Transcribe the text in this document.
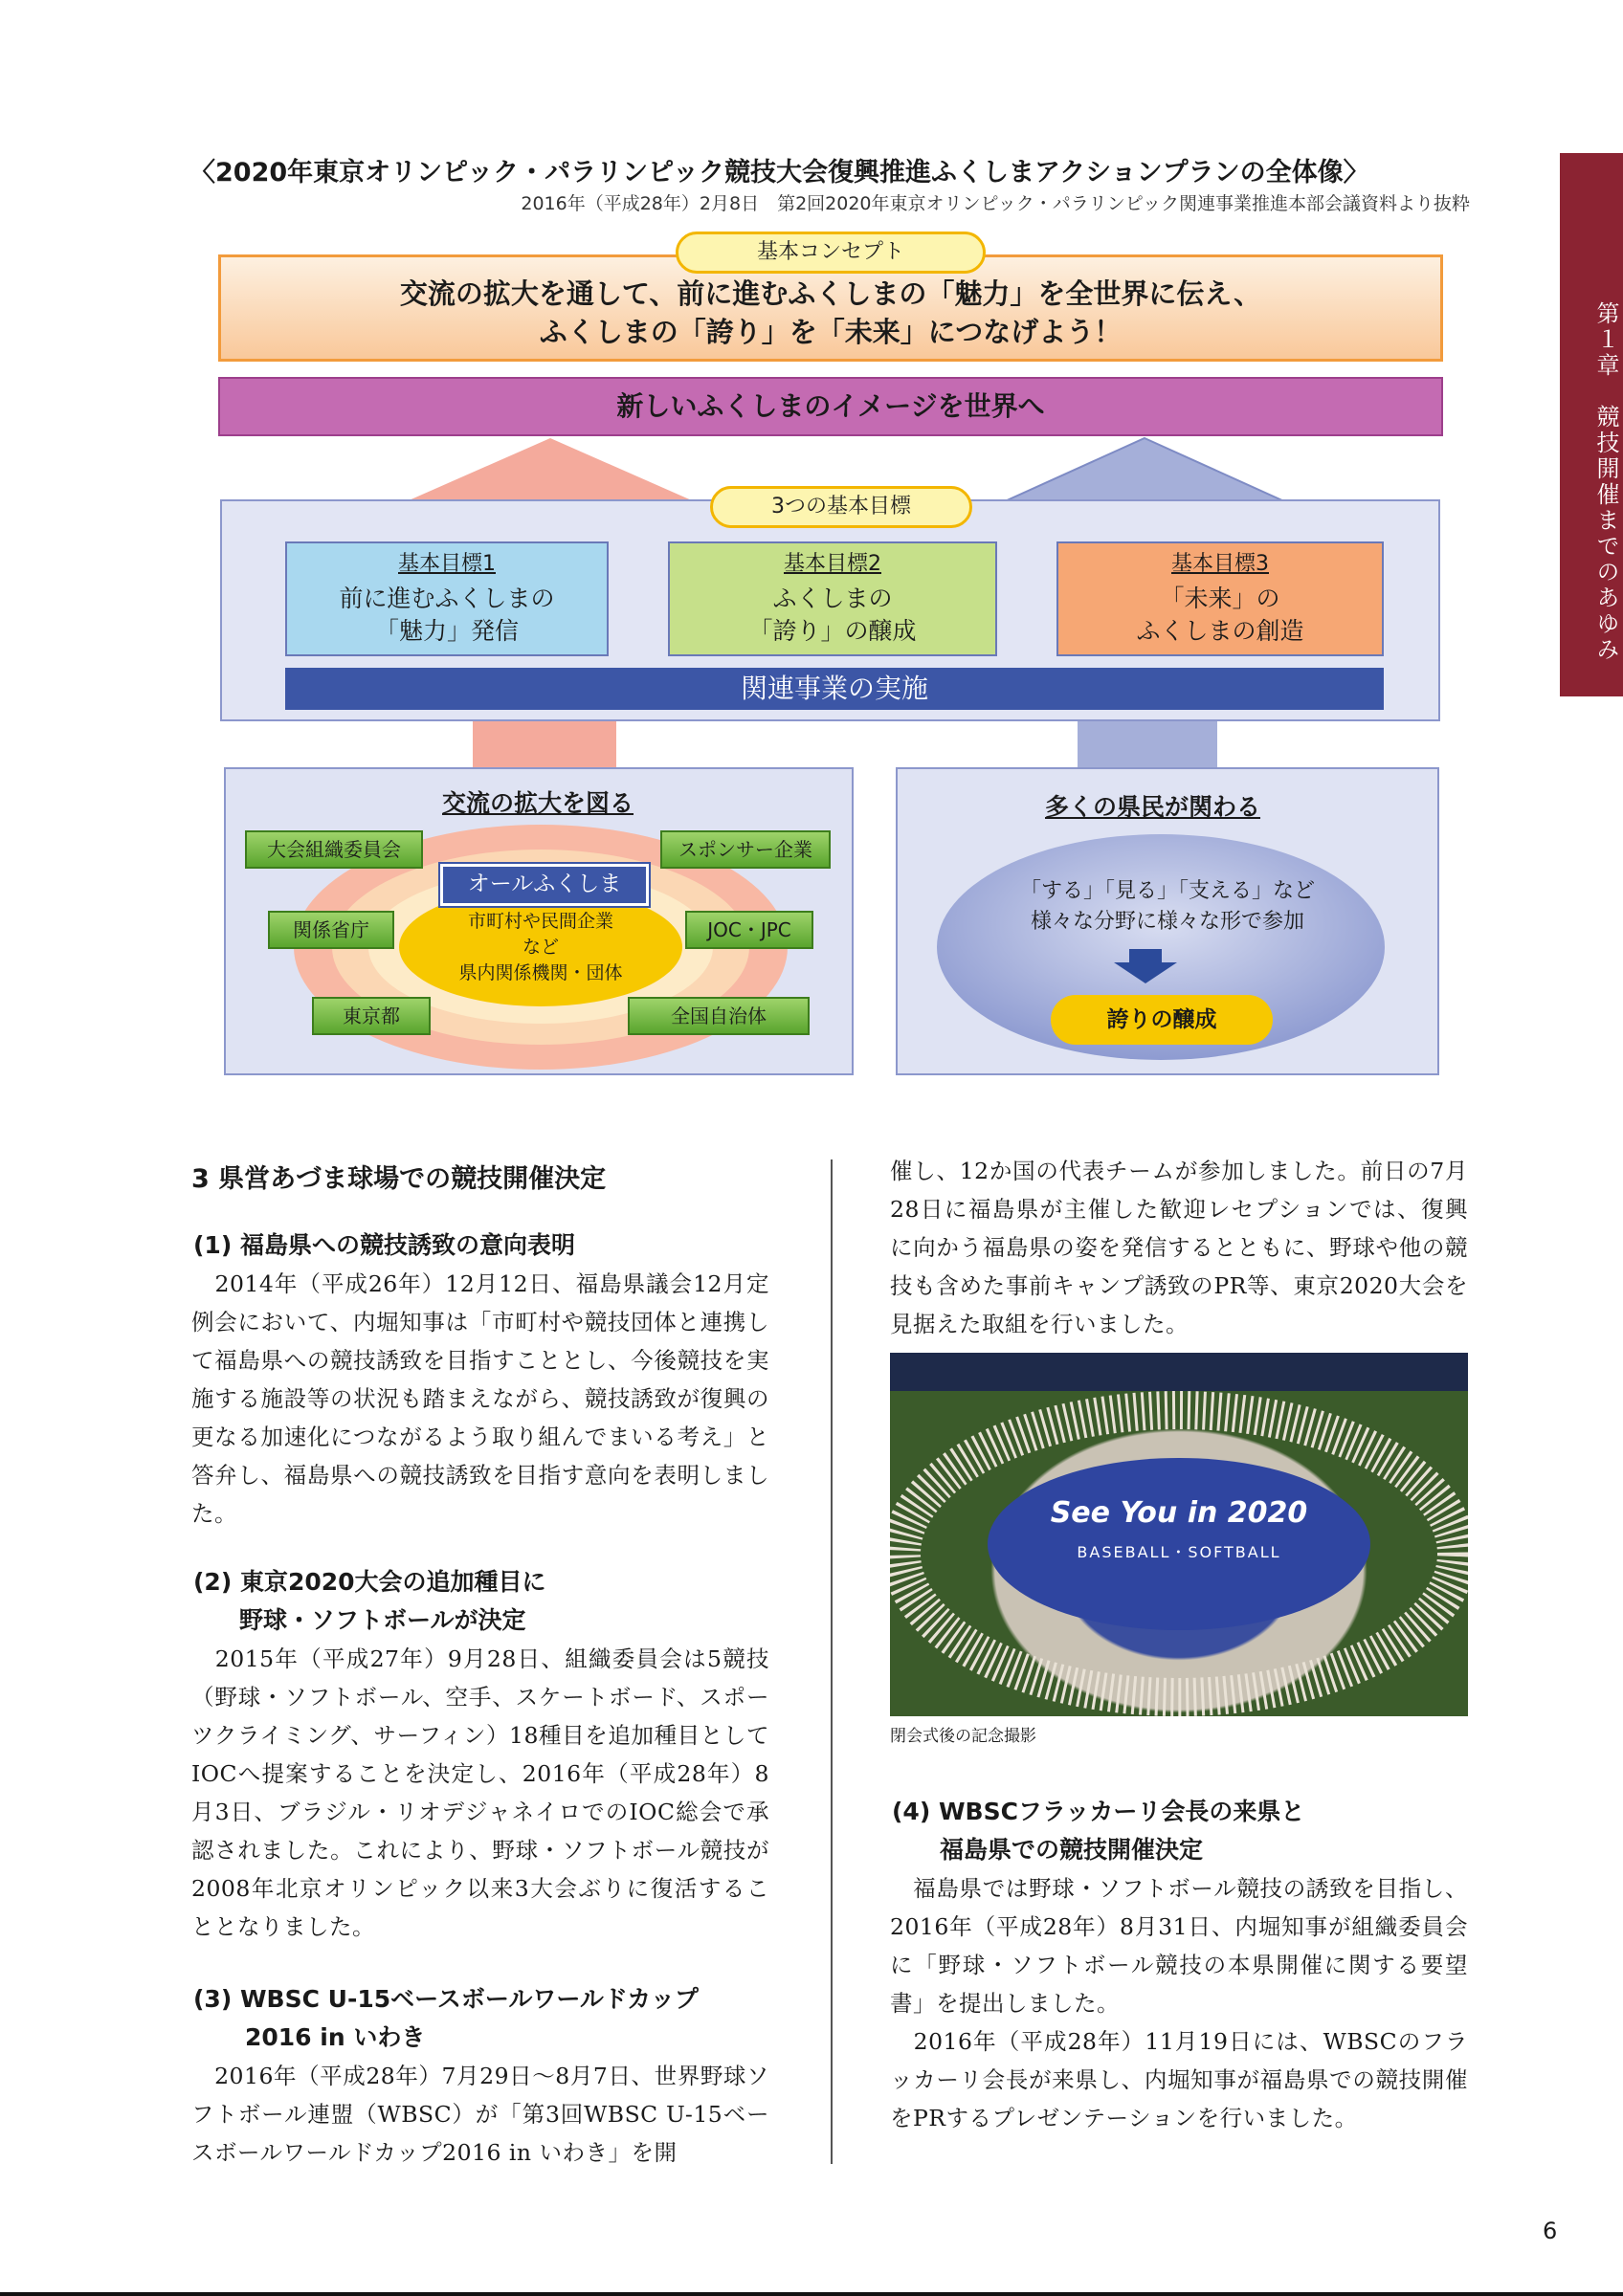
〈2020年東京オリンピック・パラリンピック競技大会復興推進ふくしまアクションプランの全体像〉
2016年（平成28年）2月8日　第2回2020年東京オリンピック・パラリンピック関連事業推進本部会議資料より抜粋
第１章　競技開催までのあゆみ
交流の拡大を通して、前に進むふくしまの「魅力」を全世界に伝え、
ふくしまの「誇り」を「未来」につなげよう！
基本コンセプト
新しいふくしまのイメージを世界へ
3つの基本目標
基本目標1
前に進むふくしまの
「魅力」発信
基本目標2
ふくしまの
「誇り」の醸成
基本目標3
「未来」の
ふくしまの創造
関連事業の実施
交流の拡大を図る
オールふくしま
市町村や民間企業
など
県内関係機関・団体
大会組織委員会	スポンサー企業
関係省庁	JOC・JPC
東京都	全国自治体
多くの県民が関わる
「する」「見る」「支える」など
様々な分野に様々な形で参加
誇りの醸成
3 県営あづま球場での競技開催決定
(1) 福島県への競技誘致の意向表明
　2014年（平成26年）12月12日、福島県議会12月定例会において、内堀知事は「市町村や競技団体と連携して福島県への競技誘致を目指すこととし、今後競技を実施する施設等の状況も踏まえながら、競技誘致が復興の更なる加速化につながるよう取り組んでまいる考え」と答弁し、福島県への競技誘致を目指す意向を表明しました。
(2) 東京2020大会の追加種目に
野球・ソフトボールが決定
　2015年（平成27年）9月28日、組織委員会は5競技（野球・ソフトボール、空手、スケートボード、スポーツクライミング、サーフィン）18種目を追加種目としてIOCへ提案することを決定し、2016年（平成28年）8月3日、ブラジル・リオデジャネイロでのIOC総会で承認されました。これにより、野球・ソフトボール競技が2008年北京オリンピック以来3大会ぶりに復活することとなりました。
(3) WBSC U-15ベースボールワールドカップ
2016 in いわき
　2016年（平成28年）7月29日～8月7日、世界野球ソフトボール連盟（WBSC）が「第3回WBSC U-15ベースボールワールドカップ2016 in いわき」を開
催し、12か国の代表チームが参加しました。前日の7月28日に福島県が主催した歓迎レセプションでは、復興に向かう福島県の姿を発信するとともに、野球や他の競技も含めた事前キャンプ誘致のPR等、東京2020大会を見据えた取組を行いました。
See You in 2020
BASEBALL・SOFTBALL
閉会式後の記念撮影
(4) WBSCフラッカーリ会長の来県と
福島県での競技開催決定
　福島県では野球・ソフトボール競技の誘致を目指し、2016年（平成28年）8月31日、内堀知事が組織委員会に「野球・ソフトボール競技の本県開催に関する要望書」を提出しました。
　2016年（平成28年）11月19日には、WBSCのフラッカーリ会長が来県し、内堀知事が福島県での競技開催をPRするプレゼンテーションを行いました。
6
